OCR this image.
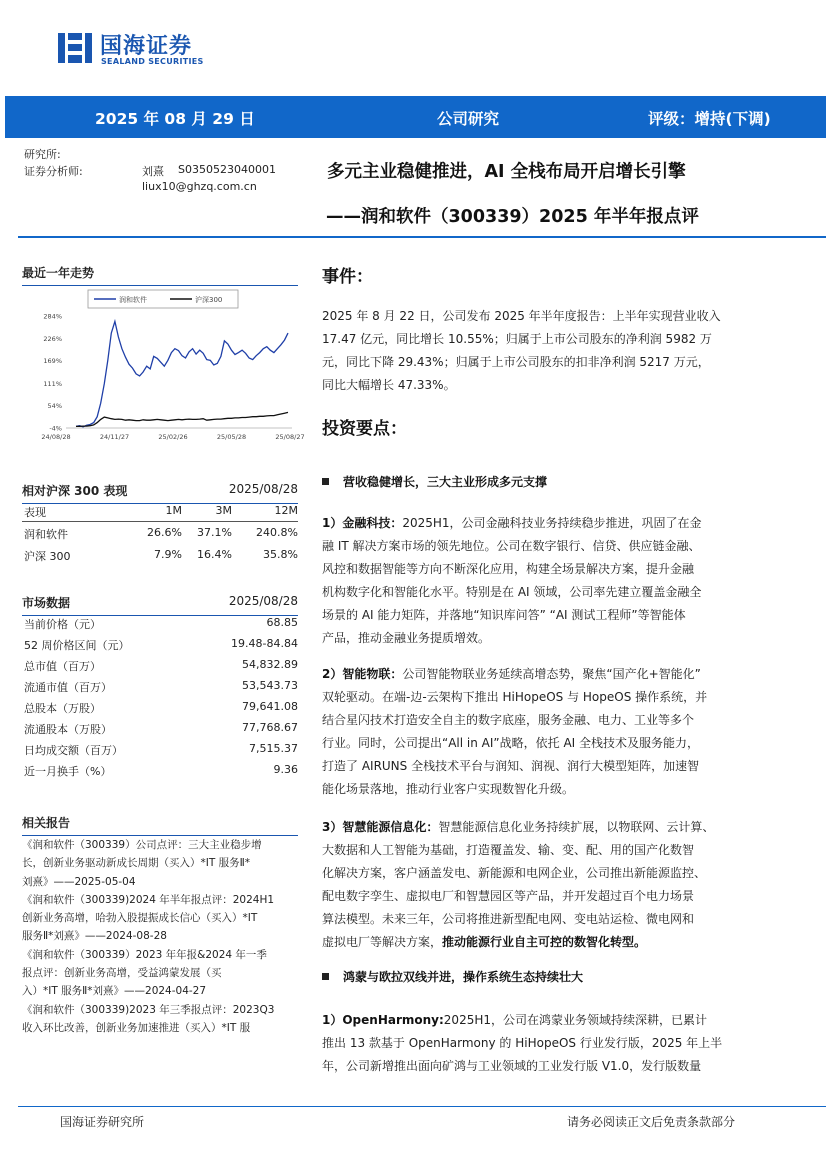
国海证券
SEALAND SECURITIES
2025 年 08 月 29 日	公司研究	评级：增持(下调)
研究所:
证券分析师:	刘熹 S0350523040001
liux10@ghzq.com.cn
多元主业稳健推进，AI 全栈布局开启增长引擎
——润和软件（300339）2025 年半年报点评
最近一年走势
润和软件	沪深300
284%
226%
169%
111%
54%
-4%
24/08/28	24/11/27	25/02/26	25/05/28	25/08/27
相对沪深 300 表现	2025/08/28
表现	1M	3M	12M
润和软件	26.6% 37.1% 240.8%
沪深 300	7.9% 16.4%	35.8%
市场数据	2025/08/28
当前价格（元）	68.85
52 周价格区间（元）	19.48-84.84
总市值（百万）	54,832.89
流通市值（百万）	53,543.73
总股本（万股）	79,641.08
流通股本（万股）	77,768.67
日均成交额（百万）	7,515.37
近一月换手（%）	9.36
相关报告
《润和软件（300339）公司点评：三大主业稳步增
长，创新业务驱动新成长周期（买入）*IT 服务Ⅱ*
刘熹》——2025-05-04
《润和软件（300339)2024 年半年报点评：2024H1
创新业务高增，哈勃入股提振成长信心（买入）*IT
服务Ⅱ*刘熹》——2024-08-28
《润和软件（300339）2023 年年报&2024 年一季
报点评：创新业务高增，受益鸿蒙发展（买
入）*IT 服务Ⅱ*刘熹》——2024-04-27
《润和软件（300339)2023 年三季报点评：2023Q3
收入环比改善，创新业务加速推进（买入）*IT 服
事件：
2025 年 8 月 22 日，公司发布 2025 年半年度报告：上半年实现营业收入
17.47 亿元，同比增长 10.55%；归属于上市公司股东的净利润 5982 万
元，同比下降 29.43%；归属于上市公司股东的扣非净利润 5217 万元，
同比大幅增长 47.33%。
投资要点：
营收稳健增长，三大主业形成多元支撑
1）金融科技：2025H1，公司金融科技业务持续稳步推进，巩固了在金
融 IT 解决方案市场的领先地位。公司在数字银行、信贷、供应链金融、
风控和数据智能等方向不断深化应用，构建全场景解决方案，提升金融
机构数字化和智能化水平。特别是在 AI 领域，公司率先建立覆盖金融全
场景的 AI 能力矩阵，并落地“知识库问答” “AI 测试工程师”等智能体
产品，推动金融业务提质增效。
2）智能物联：公司智能物联业务延续高增态势，聚焦“国产化+智能化”
双轮驱动。在端-边-云架构下推出 HiHopeOS 与 HopeOS 操作系统，并
结合星闪技术打造安全自主的数字底座，服务金融、电力、工业等多个
行业。同时，公司提出“All in AI”战略，依托 AI 全栈技术及服务能力，
打造了 AIRUNS 全栈技术平台与润知、润视、润行大模型矩阵，加速智
能化场景落地，推动行业客户实现数智化升级。
3）智慧能源信息化：智慧能源信息化业务持续扩展，以物联网、云计算、
大数据和人工智能为基础，打造覆盖发、输、变、配、用的国产化数智
化解决方案，客户涵盖发电、新能源和电网企业，公司推出新能源监控、
配电数字孪生、虚拟电厂和智慧园区等产品，并开发超过百个电力场景
算法模型。未来三年，公司将推进新型配电网、变电站运检、微电网和
虚拟电厂等解决方案，推动能源行业自主可控的数智化转型。
鸿蒙与欧拉双线并进，操作系统生态持续壮大
1）OpenHarmony:2025H1，公司在鸿蒙业务领域持续深耕，已累计
推出 13 款基于 OpenHarmony 的 HiHopeOS 行业发行版，2025 年上半
年，公司新增推出面向矿鸿与工业领域的工业发行版 V1.0，发行版数量
国海证券研究所	请务必阅读正文后免责条款部分
